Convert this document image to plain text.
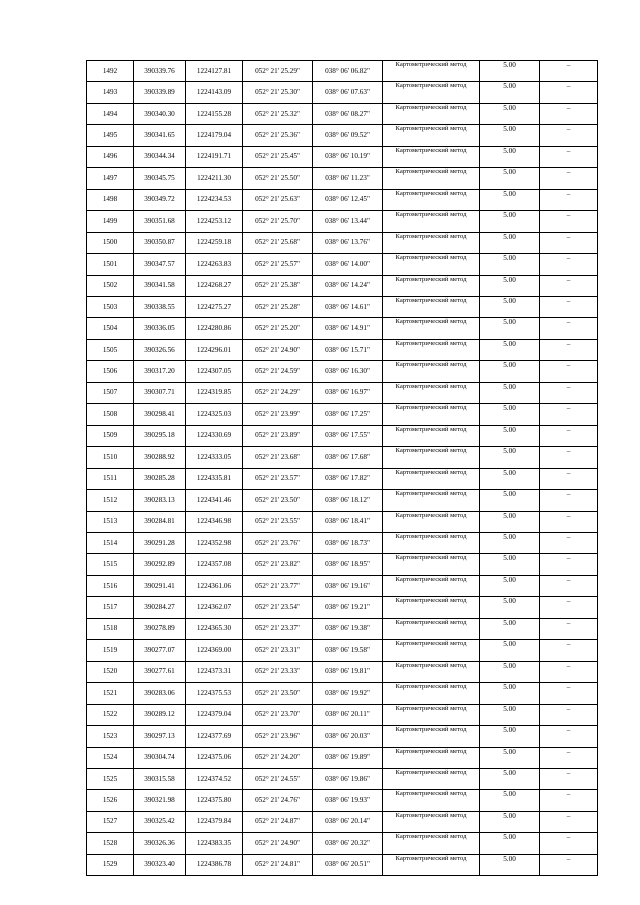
1492	390339.76	1224127.81	052° 21' 25.29"	038° 06' 06.82"	Картометрический метод	5.00	–
1493	390339.89	1224143.09	052° 21' 25.30"	038° 06' 07.63"	Картометрический метод	5.00	–
1494	390340.30	1224155.28	052° 21' 25.32"	038° 06' 08.27"	Картометрический метод	5.00	–
1495	390341.65	1224179.04	052° 21' 25.36"	038° 06' 09.52"	Картометрический метод	5.00	–
1496	390344.34	1224191.71	052° 21' 25.45"	038° 06' 10.19"	Картометрический метод	5.00	–
1497	390345.75	1224211.30	052° 21' 25.50"	038° 06' 11.23"	Картометрический метод	5.00	–
1498	390349.72	1224234.53	052° 21' 25.63"	038° 06' 12.45"	Картометрический метод	5.00	–
1499	390351.68	1224253.12	052° 21' 25.70"	038° 06' 13.44"	Картометрический метод	5.00	–
1500	390350.87	1224259.18	052° 21' 25.68"	038° 06' 13.76"	Картометрический метод	5.00	–
1501	390347.57	1224263.83	052° 21' 25.57"	038° 06' 14.00"	Картометрический метод	5.00	–
1502	390341.58	1224268.27	052° 21' 25.38"	038° 06' 14.24"	Картометрический метод	5.00	–
1503	390338.55	1224275.27	052° 21' 25.28"	038° 06' 14.61"	Картометрический метод	5.00	–
1504	390336.05	1224280.86	052° 21' 25.20"	038° 06' 14.91"	Картометрический метод	5.00	–
1505	390326.56	1224296.01	052° 21' 24.90"	038° 06' 15.71"	Картометрический метод	5.00	–
1506	390317.20	1224307.05	052° 21' 24.59"	038° 06' 16.30"	Картометрический метод	5.00	–
1507	390307.71	1224319.85	052° 21' 24.29"	038° 06' 16.97"	Картометрический метод	5.00	–
1508	390298.41	1224325.03	052° 21' 23.99"	038° 06' 17.25"	Картометрический метод	5.00	–
1509	390295.18	1224330.69	052° 21' 23.89"	038° 06' 17.55"	Картометрический метод	5.00	–
1510	390288.92	1224333.05	052° 21' 23.68"	038° 06' 17.68"	Картометрический метод	5.00	–
1511	390285.28	1224335.81	052° 21' 23.57"	038° 06' 17.82"	Картометрический метод	5.00	–
1512	390283.13	1224341.46	052° 21' 23.50"	038° 06' 18.12"	Картометрический метод	5.00	–
1513	390284.81	1224346.98	052° 21' 23.55"	038° 06' 18.41"	Картометрический метод	5.00	–
1514	390291.28	1224352.98	052° 21' 23.76"	038° 06' 18.73"	Картометрический метод	5.00	–
1515	390292.89	1224357.08	052° 21' 23.82"	038° 06' 18.95"	Картометрический метод	5.00	–
1516	390291.41	1224361.06	052° 21' 23.77"	038° 06' 19.16"	Картометрический метод	5.00	–
1517	390284.27	1224362.07	052° 21' 23.54"	038° 06' 19.21"	Картометрический метод	5.00	–
1518	390278.89	1224365.30	052° 21' 23.37"	038° 06' 19.38"	Картометрический метод	5.00	–
1519	390277.07	1224369.00	052° 21' 23.31"	038° 06' 19.58"	Картометрический метод	5.00	–
1520	390277.61	1224373.31	052° 21' 23.33"	038° 06' 19.81"	Картометрический метод	5.00	–
1521	390283.06	1224375.53	052° 21' 23.50"	038° 06' 19.92"	Картометрический метод	5.00	–
1522	390289.12	1224379.04	052° 21' 23.70"	038° 06' 20.11"	Картометрический метод	5.00	–
1523	390297.13	1224377.69	052° 21' 23.96"	038° 06' 20.03"	Картометрический метод	5.00	–
1524	390304.74	1224375.06	052° 21' 24.20"	038° 06' 19.89"	Картометрический метод	5.00	–
1525	390315.58	1224374.52	052° 21' 24.55"	038° 06' 19.86"	Картометрический метод	5.00	–
1526	390321.98	1224375.80	052° 21' 24.76"	038° 06' 19.93"	Картометрический метод	5.00	–
1527	390325.42	1224379.84	052° 21' 24.87"	038° 06' 20.14"	Картометрический метод	5.00	–
1528	390326.36	1224383.35	052° 21' 24.90"	038° 06' 20.32"	Картометрический метод	5.00	–
1529	390323.40	1224386.78	052° 21' 24.81"	038° 06' 20.51"	Картометрический метод	5.00	–
